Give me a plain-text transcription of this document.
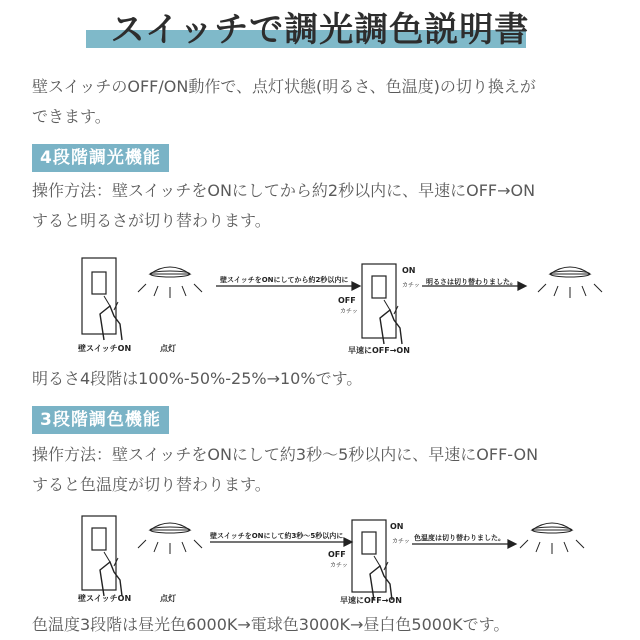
スイッチで調光調色説明書
壁スイッチのOFF/ON動作で、点灯状態(明るさ、色温度)の切り換えが
できます。
4段階調光機能
操作方法：壁スイッチをONにしてから約2秒以内に、早速にOFF→ON
すると明るさが切り替わります。
壁スイッチON	点灯
壁スイッチをONにしてから約2秒以内に
ON
カチッ
OFF
カチッ
明るさは切り替わりました。
早速にOFF→ON
明るさ4段階は100%-50%-25%→10%です。
3段階調色機能
操作方法：壁スイッチをONにして約3秒～5秒以内に、早速にOFF-ON
すると色温度が切り替わります。
壁スイッチON	点灯
壁スイッチをONにして約3秒～5秒以内に
ON
カチッ
OFF
カチッ
色温度は切り替わりました。
早速にOFF→ON
色温度3段階は昼光色6000K→電球色3000K→昼白色5000Kです。
